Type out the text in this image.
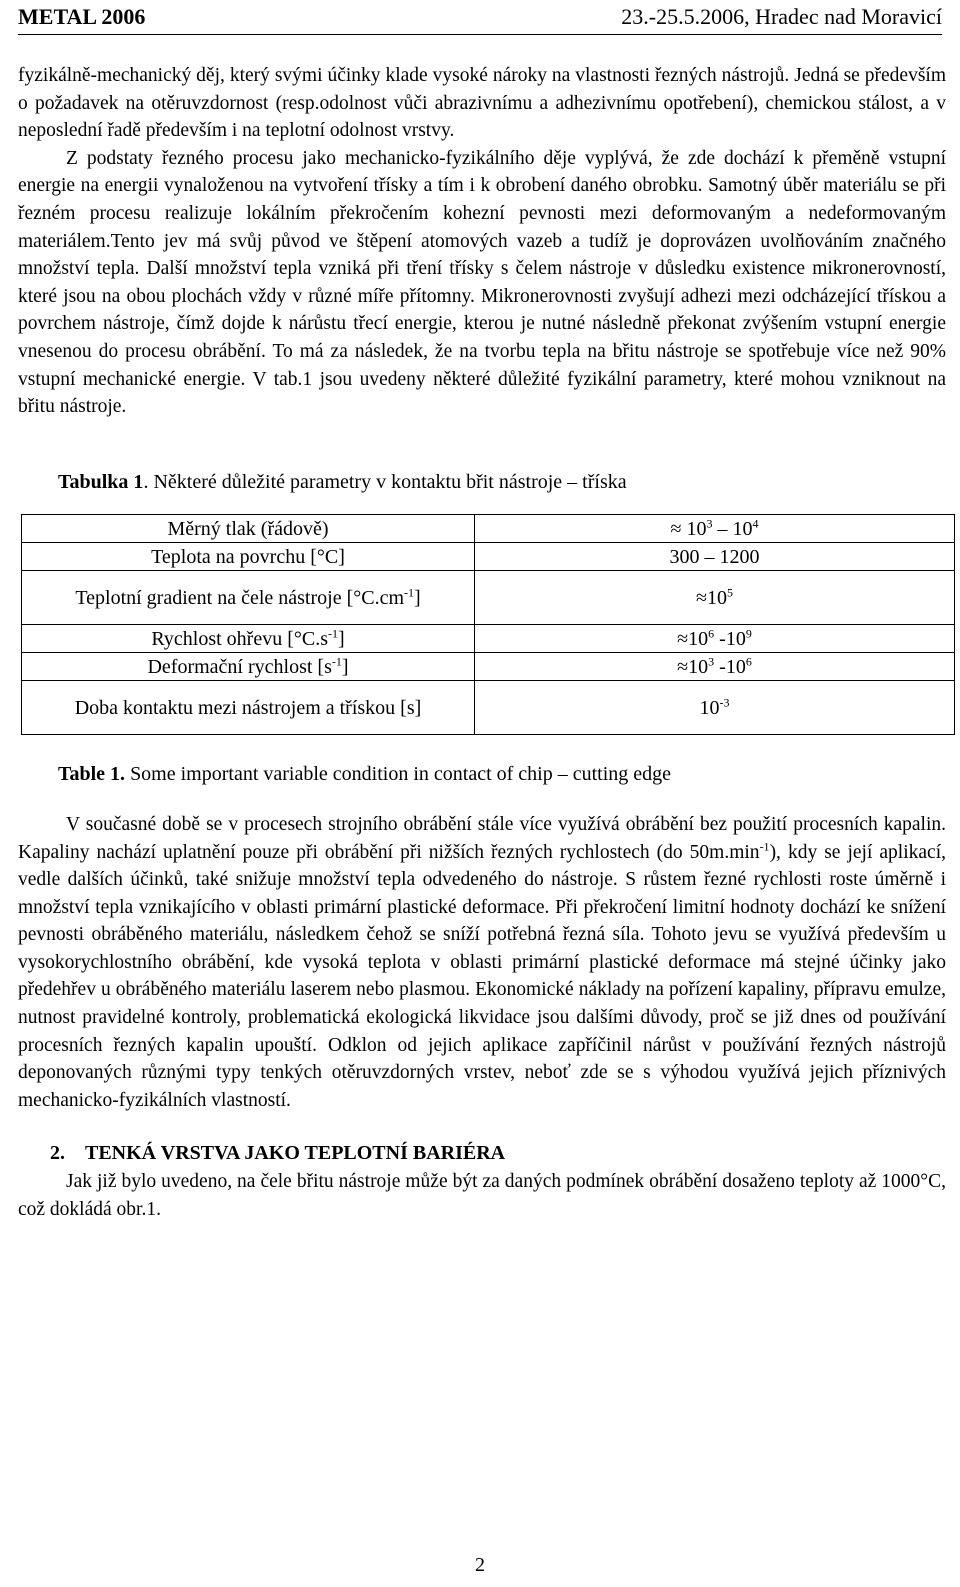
METAL 2006	23.-25.5.2006, Hradec nad Moravicí

fyzikálně-mechanický děj, který svými účinky klade vysoké nároky na vlastnosti řezných nástrojů. Jedná se především o požadavek na otěruvzdornost (resp.odolnost vůči abrazivnímu a adhezivnímu opotřebení), chemickou stálost, a v neposlední řadě především i na teplotní odolnost vrstvy.

Z podstaty řezného procesu jako mechanicko-fyzikálního děje vyplývá, že zde dochází k přeměně vstupní energie na energii vynaloženou na vytvoření třísky a tím i k obrobení daného obrobku. Samotný úběr materiálu se při řezném procesu realizuje lokálním překročením kohezní pevnosti mezi deformovaným a nedeformovaným materiálem.Tento jev má svůj původ ve štěpení atomových vazeb a tudíž je doprovázen uvolňováním značného množství tepla. Další množství tepla vzniká při tření třísky s čelem nástroje v důsledku existence mikronerovností, které jsou na obou plochách vždy v různé míře přítomny. Mikronerovnosti zvyšují adhezi mezi odcházející třískou a povrchem nástroje, čímž dojde k nárůstu třecí energie, kterou je nutné následně překonat zvýšením vstupní energie vnesenou do procesu obrábění. To má za následek, že na tvorbu tepla na břitu nástroje se spotřebuje více než 90% vstupní mechanické energie. V tab.1 jsou uvedeny některé důležité fyzikální parametry, které mohou vzniknout na břitu nástroje.

Tabulka 1. Některé důležité parametry v kontaktu břit nástroje – tříska

Měrný tlak (řádově)	≈ $10^3 - 10^4$
Teplota na povrchu [°C]	300 – 1200
Teplotní gradient na čele nástroje $[^\circ C.cm^{-1}]$	$\approx 10^5$
Rychlost ohřevu $[^\circ C.s^{-1}]$	$\approx 10^6$ $-10^9$
Deformační rychlost $[s^{-1}]$	$\approx 10^3$ $-10^6$
Doba kontaktu mezi nástrojem a třískou [s]	$10^{-3}$

Table 1. Some important variable condition in contact of chip – cutting edge

V současné době se v procesech strojního obrábění stále více využívá obrábění bez použití procesních kapalin. Kapaliny nachází uplatnění pouze při obrábění při nižších řezných rychlostech (do $50m.\min^{-1}$), kdy se její aplikací, vedle dalších účinků, také snižuje množství tepla odvedeného do nástroje. S růstem řezné rychlosti roste úměrně i množství tepla vznikajícího v oblasti primární plastické deformace. Při překročení limitní hodnoty dochází ke snížení pevnosti obráběného materiálu, následkem čehož se sníží potřebná řezná síla. Tohoto jevu se využívá především u vysokorychlostního obrábění, kde vysoká teplota v oblasti primární plastické deformace má stejné účinky jako předehřev u obráběného materiálu laserem nebo plasmou. Ekonomické náklady na pořízení kapaliny, přípravu emulze, nutnost pravidelné kontroly, problematická ekologická likvidace jsou dalšími důvody, proč se již dnes od používání procesních řezných kapalin upouští. Odklon od jejich aplikace zapříčinil nárůst v používání řezných nástrojů deponovaných různými typy tenkých otěruvzdorných vrstev, neboť zde se s výhodou využívá jejich příznivých mechanicko-fyzikálních vlastností.

2. TENKÁ VRSTVA JAKO TEPLOTNÍ BARIÉRA

Jak již bylo uvedeno, na čele břitu nástroje může být za daných podmínek obrábění dosaženo teploty až 1000°C, což dokládá obr.1.

2
